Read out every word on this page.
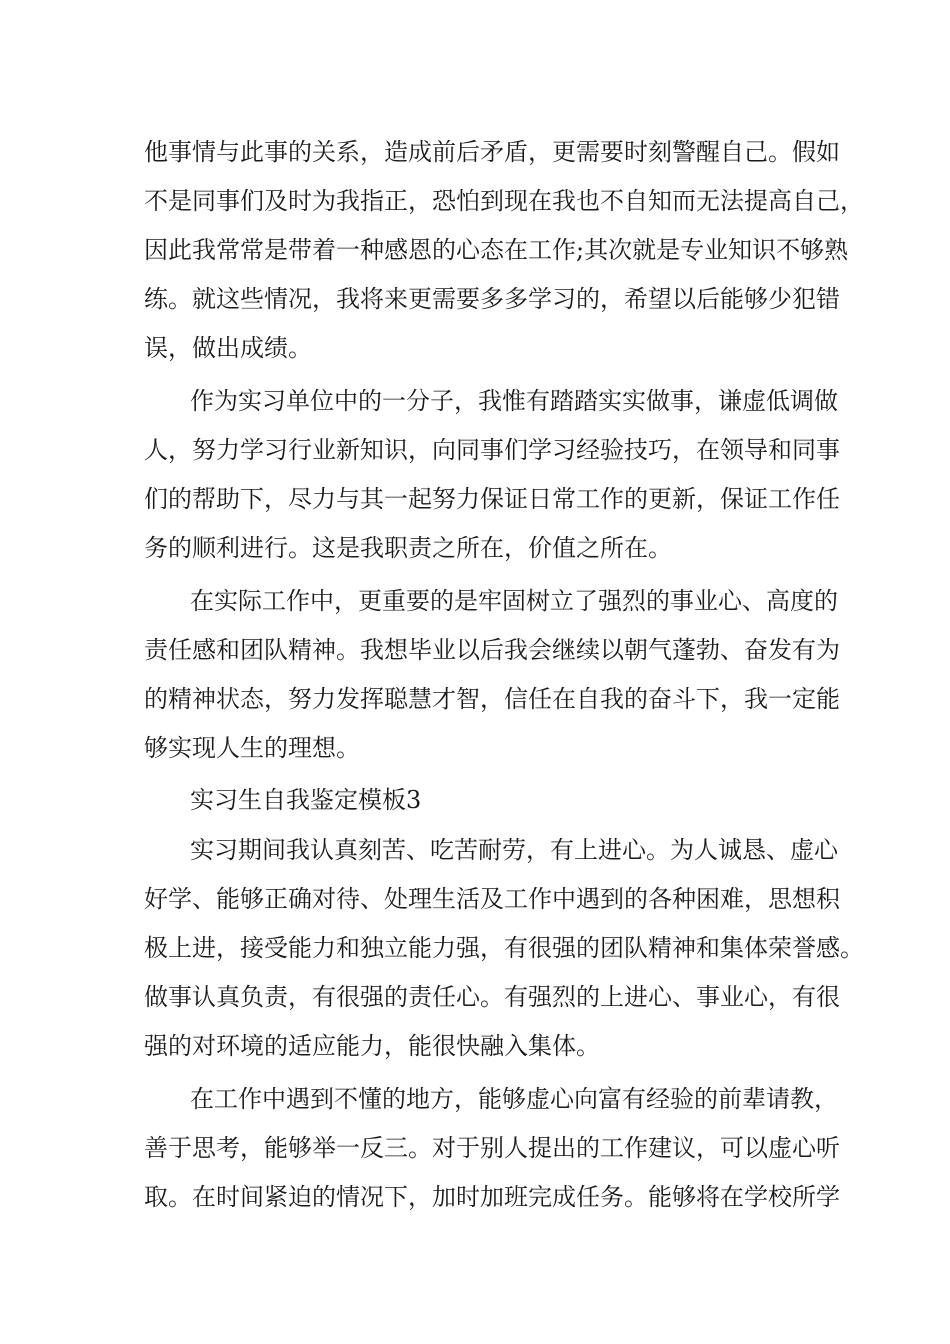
他事情与此事的关系，造成前后矛盾，更需要时刻警醒自己。假如
不是同事们及时为我指正，恐怕到现在我也不自知而无法提高自己，
因此我常常是带着一种感恩的心态在工作;其次就是专业知识不够熟
练。就这些情况，我将来更需要多多学习的，希望以后能够少犯错
误，做出成绩。
作为实习单位中的一分子，我惟有踏踏实实做事，谦虚低调做
人，努力学习行业新知识，向同事们学习经验技巧，在领导和同事
们的帮助下，尽力与其一起努力保证日常工作的更新，保证工作任
务的顺利进行。这是我职责之所在，价值之所在。
在实际工作中，更重要的是牢固树立了强烈的事业心、高度的
责任感和团队精神。我想毕业以后我会继续以朝气蓬勃、奋发有为
的精神状态，努力发挥聪慧才智，信任在自我的奋斗下，我一定能
够实现人生的理想。
实习生自我鉴定模板3
实习期间我认真刻苦、吃苦耐劳，有上进心。为人诚恳、虚心
好学、能够正确对待、处理生活及工作中遇到的各种困难，思想积
极上进，接受能力和独立能力强，有很强的团队精神和集体荣誉感。
做事认真负责，有很强的责任心。有强烈的上进心、事业心，有很
强的对环境的适应能力，能很快融入集体。
在工作中遇到不懂的地方，能够虚心向富有经验的前辈请教，
善于思考，能够举一反三。对于别人提出的工作建议，可以虚心听
取。在时间紧迫的情况下，加时加班完成任务。能够将在学校所学
